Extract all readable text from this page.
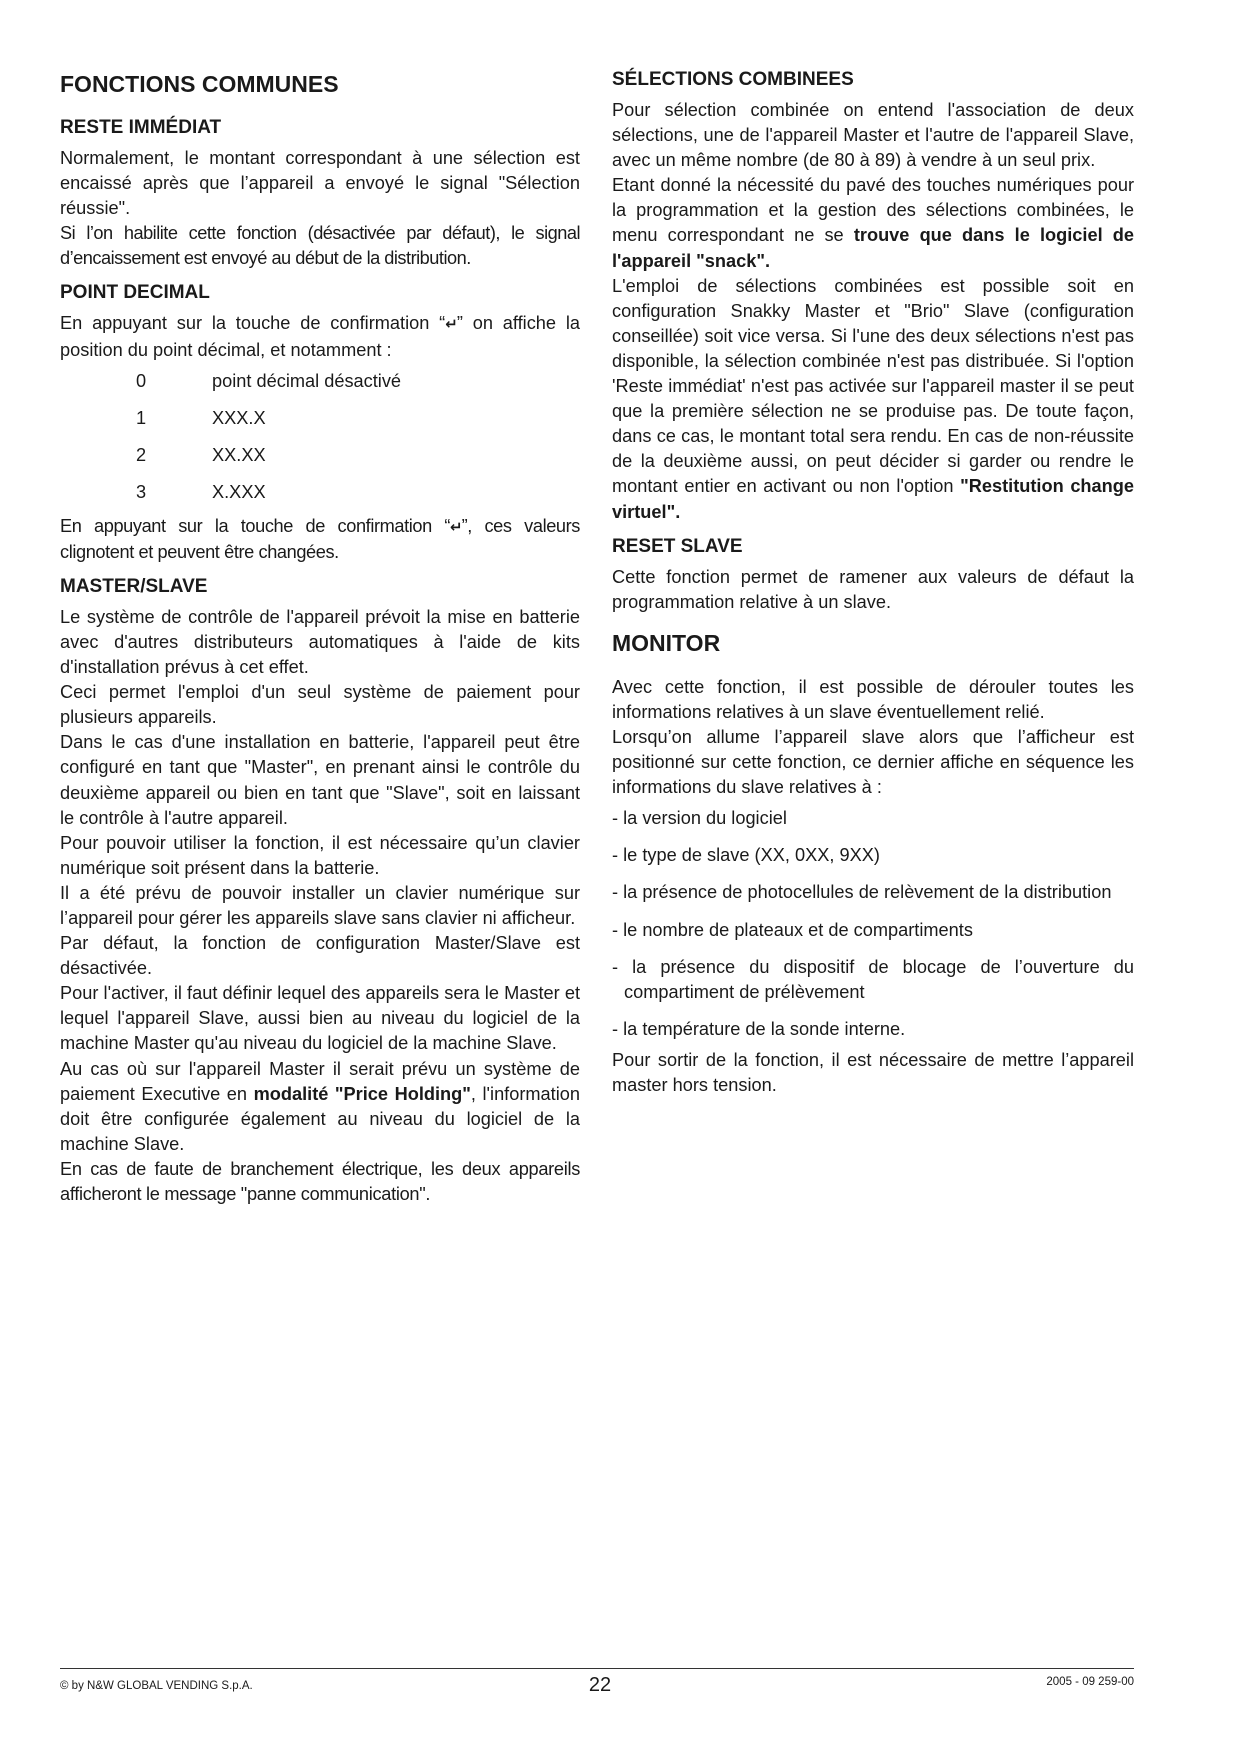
FONCTIONS COMMUNES
RESTE IMMÉDIAT

Normalement, le montant correspondant à une sélection est encaissé après que l’appareil a envoyé le signal "Sélection réussie".

Si l’on habilite cette fonction (désactivée par défaut), le signal d’encaissement est envoyé au début de la distribution.

POINT DECIMAL

En appuyant sur la touche de confirmation “↵” on affiche la position du point décimal, et notamment :

0	point décimal désactivé
1	XXX.X
2	XX.XX
3	X.XXX

En appuyant sur la touche de confirmation “↵”, ces valeurs clignotent et peuvent être changées.

MASTER/SLAVE

Le système de contrôle de l'appareil prévoit la mise en batterie avec d'autres distributeurs automatiques à l'aide de kits d'installation prévus à cet effet.

Ceci permet l'emploi d'un seul système de paiement pour plusieurs appareils.

Dans le cas d'une installation en batterie, l'appareil peut être configuré en tant que "Master", en prenant ainsi le contrôle du deuxième appareil ou bien en tant que "Slave", soit en laissant le contrôle à l'autre appareil.

Pour pouvoir utiliser la fonction, il est nécessaire qu’un clavier numérique soit présent dans la batterie.

Il a été prévu de pouvoir installer un clavier numérique sur l’appareil pour gérer les appareils slave sans clavier ni afficheur.

Par défaut, la fonction de configuration Master/Slave est désactivée.

Pour l'activer, il faut définir lequel des appareils sera le Master et lequel l'appareil Slave, aussi bien au niveau du logiciel de la machine Master qu'au niveau du logiciel de la machine Slave.

Au cas où sur l'appareil Master il serait prévu un système de paiement Executive en modalité "Price Holding", l'information doit être configurée également au niveau du logiciel de la machine Slave.

En cas de faute de branchement électrique, les deux appareils afficheront le message "panne communication".

SÉLECTIONS COMBINEES

Pour sélection combinée on entend l'association de deux sélections, une de l'appareil Master et l'autre de l'appareil Slave, avec un même nombre (de 80 à 89) à vendre à un seul prix.

Etant donné la nécessité du pavé des touches numériques pour la programmation et la gestion des sélections combinées, le menu correspondant ne se trouve que dans le logiciel de l'appareil "snack".

L'emploi de sélections combinées est possible soit en configuration Snakky Master et "Brio" Slave (configuration conseillée) soit vice versa. Si l'une des deux sélections n'est pas disponible, la sélection combinée n'est pas distribuée. Si l'option 'Reste immédiat' n'est pas activée sur l'appareil master il se peut que la première sélection ne se produise pas. De toute façon, dans ce cas, le montant total sera rendu. En cas de non-réussite de la deuxième aussi, on peut décider si garder ou rendre le montant entier en activant ou non l'option "Restitution change virtuel".

RESET SLAVE

Cette fonction permet de ramener aux valeurs de défaut la programmation relative à un slave.

MONITOR

Avec cette fonction, il est possible de dérouler toutes les informations relatives à un slave éventuellement relié.

Lorsqu’on allume l’appareil slave alors que l’afficheur est positionné sur cette fonction, ce dernier affiche en séquence les informations du slave relatives à :

- la version du logiciel
- le type de slave (XX, 0XX, 9XX)
- la présence de photocellules de relèvement de la distribution
- le nombre de plateaux et de compartiments
- la présence du dispositif de blocage de l’ouverture du compartiment de prélèvement
- la température de la sonde interne.

Pour sortir de la fonction, il est nécessaire de mettre l’appareil master hors tension.

© by N&W GLOBAL VENDING S.p.A.	22	2005 - 09 259-00
